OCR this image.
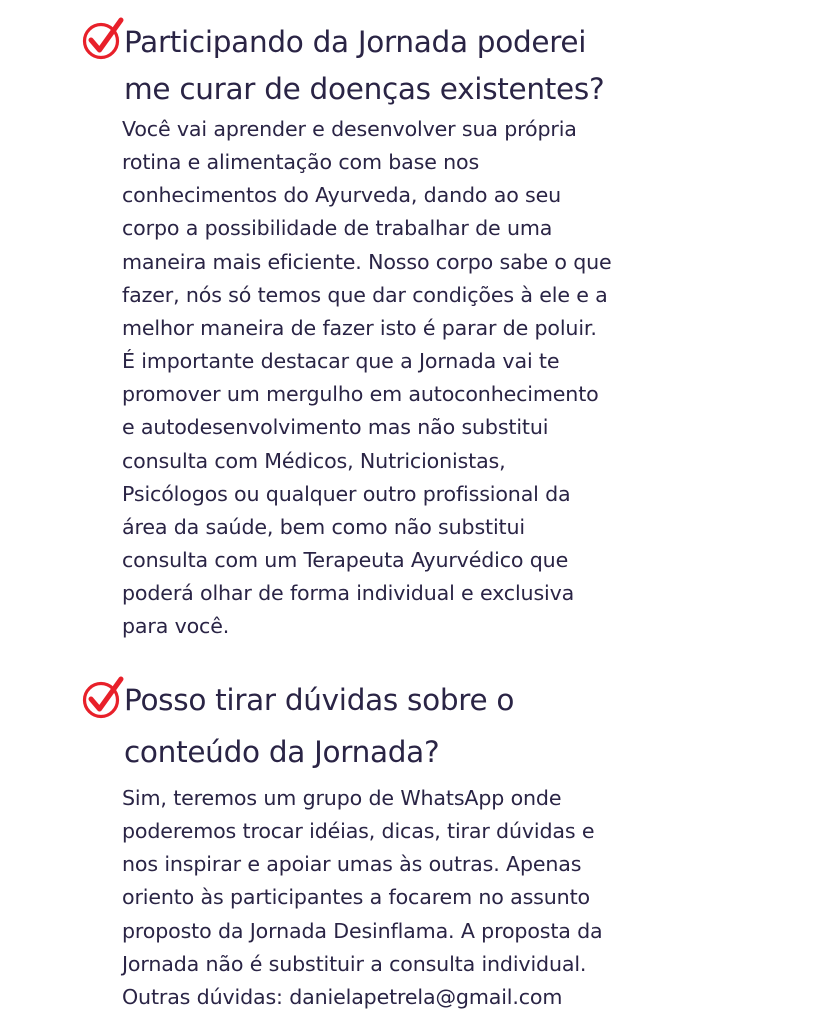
Participando da Jornada poderei
me curar de doenças existentes?

Você vai aprender e desenvolver sua própria
rotina e alimentação com base nos
conhecimentos do Ayurveda, dando ao seu
corpo a possibilidade de trabalhar de uma
maneira mais eficiente. Nosso corpo sabe o que
fazer, nós só temos que dar condições à ele e a
melhor maneira de fazer isto é parar de poluir.
É importante destacar que a Jornada vai te
promover um mergulho em autoconhecimento
e autodesenvolvimento mas não substitui
consulta com Médicos, Nutricionistas,
Psicólogos ou qualquer outro profissional da
área da saúde, bem como não substitui
consulta com um Terapeuta Ayurvédico que
poderá olhar de forma individual e exclusiva
para você.

Posso tirar dúvidas sobre o
conteúdo da Jornada?

Sim, teremos um grupo de WhatsApp onde
poderemos trocar idéias, dicas, tirar dúvidas e
nos inspirar e apoiar umas às outras. Apenas
oriento às participantes a focarem no assunto
proposto da Jornada Desinflama. A proposta da
Jornada não é substituir a consulta individual.
Outras dúvidas: danielapetrela@gmail.com
